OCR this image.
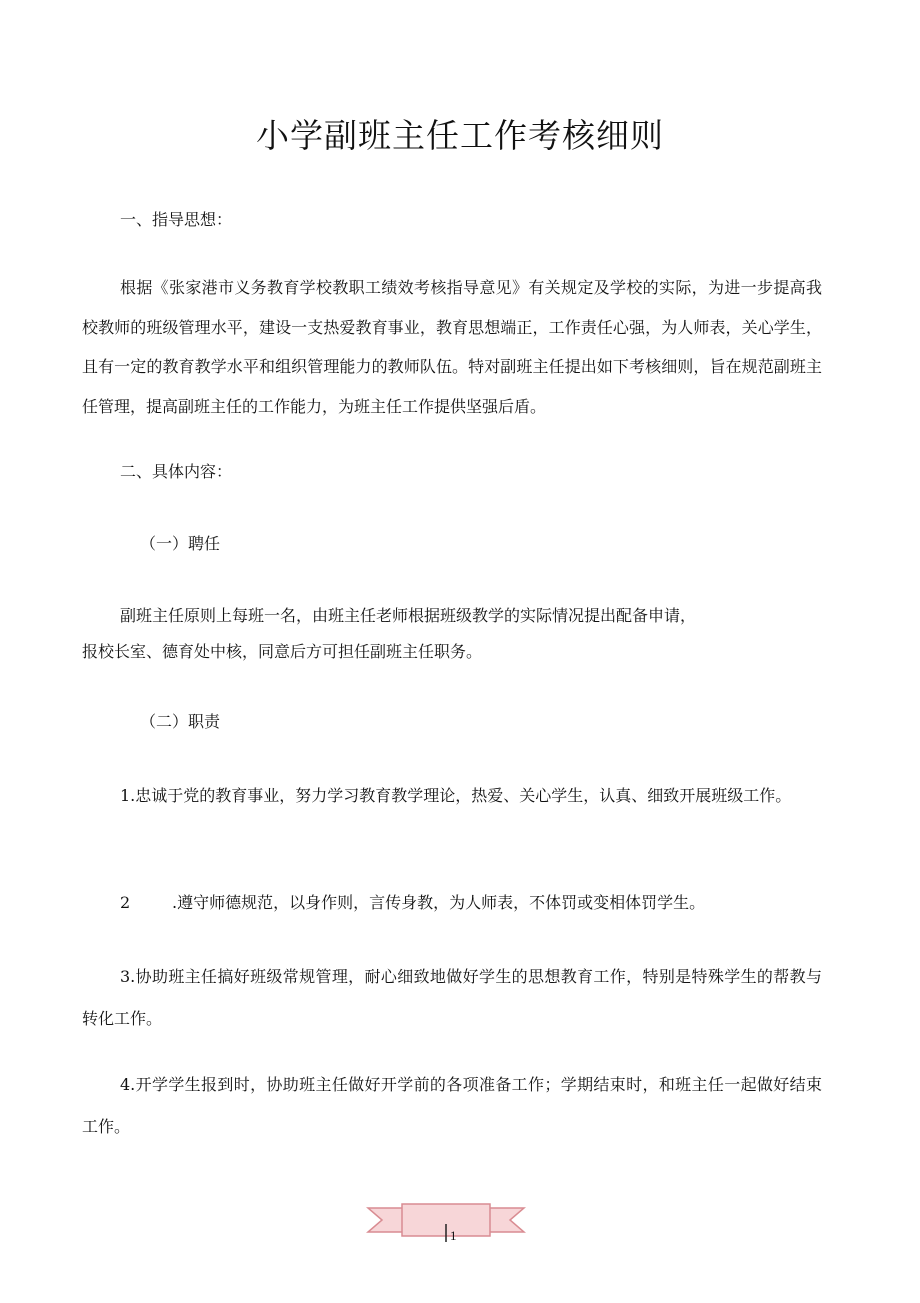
小学副班主任工作考核细则

一、指导思想：

根据《张家港市义务教育学校教职工绩效考核指导意见》有关规定及学校的实际，为进一步提高我校教师的班级管理水平，建设一支热爱教育事业，教育思想端正，工作责任心强，为人师表，关心学生，且有一定的教育教学水平和组织管理能力的教师队伍。特对副班主任提出如下考核细则，旨在规范副班主任管理，提高副班主任的工作能力，为班主任工作提供坚强后盾。

二、具体内容：

（一）聘任

副班主任原则上每班一名，由班主任老师根据班级教学的实际情况提出配备申请，

报校长室、德育处中核，同意后方可担任副班主任职务。

（二）职责

1.忠诚于党的教育事业，努力学习教育教学理论，热爱、关心学生，认真、细致开展班级工作。

2	.遵守师德规范，以身作则，言传身教，为人师表，不体罚或变相体罚学生。

3.协助班主任搞好班级常规管理，耐心细致地做好学生的思想教育工作，特别是特殊学生的帮教与转化工作。

4.开学学生报到时，协助班主任做好开学前的各项准备工作；学期结束时，和班主任一起做好结束工作。

1
